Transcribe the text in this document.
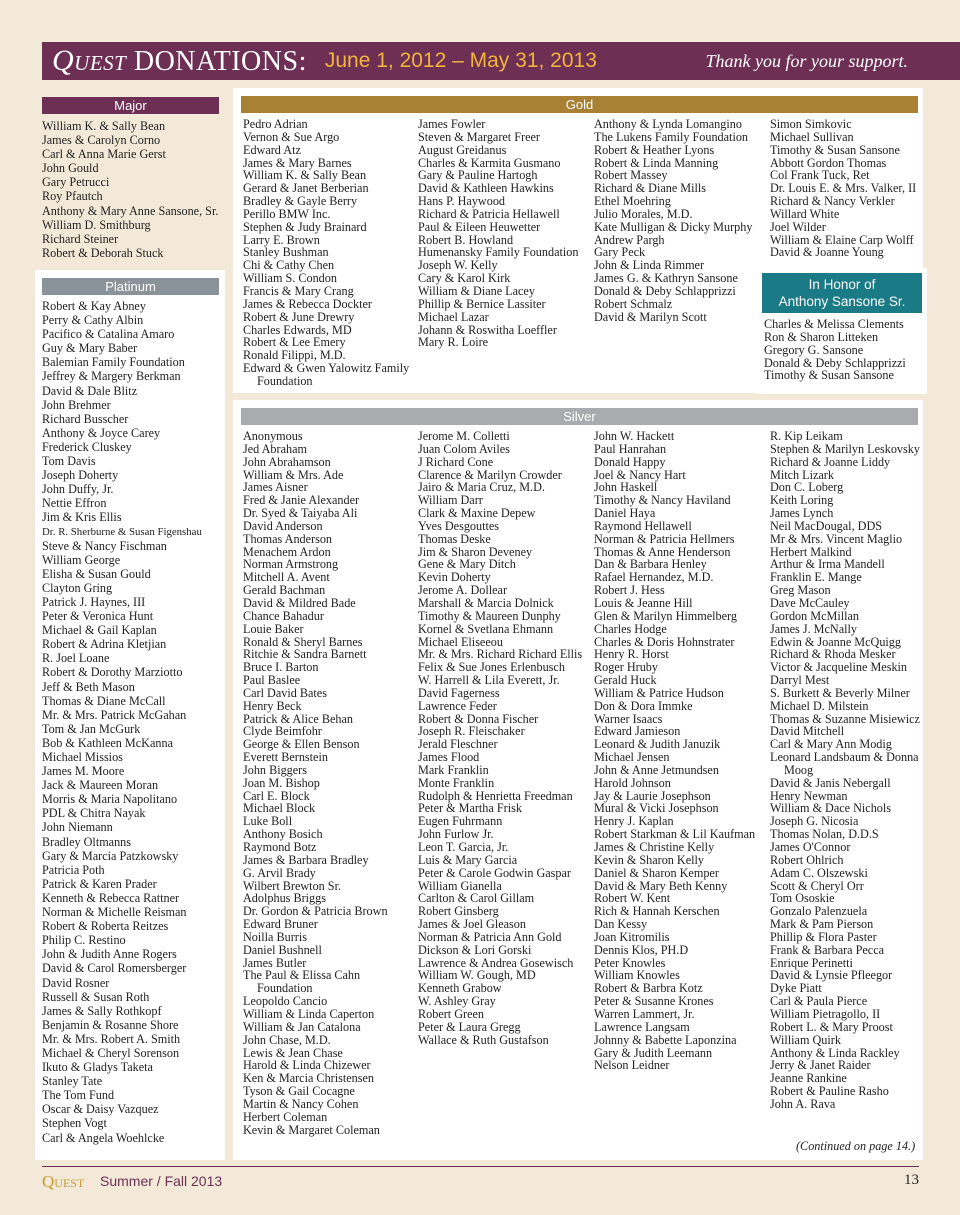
Quest DONATIONS: June 1, 2012 – May 31, 2013	Thank you for your support.
Major
William K. & Sally Bean
James & Carolyn Corno
Carl & Anna Marie Gerst
John Gould
Gary Petrucci
Roy Pfautch
Anthony & Mary Anne Sansone, Sr.
William D. Smithburg
Richard Steiner
Robert & Deborah Stuck
Platinum
Robert & Kay Abney
Perry & Cathy Albin
Pacifico & Catalina Amaro
Guy & Mary Baber
Balemian Family Foundation
Jeffrey & Margery Berkman
David & Dale Blitz
John Brehmer
Richard Busscher
Anthony & Joyce Carey
Frederick Cluskey
Tom Davis
Joseph Doherty
John Duffy, Jr.
Nettie Effron
Jim & Kris Ellis
Dr. R. Sherburne & Susan Figenshau
Steve & Nancy Fischman
William George
Elisha & Susan Gould
Clayton Gring
Patrick J. Haynes, III
Peter & Veronica Hunt
Michael & Gail Kaplan
Robert & Adrina Kletjian
R. Joel Loane
Robert & Dorothy Marziotto
Jeff & Beth Mason
Thomas & Diane McCall
Mr. & Mrs. Patrick McGahan
Tom & Jan McGurk
Bob & Kathleen McKanna
Michael Missios
James M. Moore
Jack & Maureen Moran
Morris & Maria Napolitano
PDL & Chitra Nayak
John Niemann
Bradley Oltmanns
Gary & Marcia Patzkowsky
Patricia Poth
Patrick & Karen Prader
Kenneth & Rebecca Rattner
Norman & Michelle Reisman
Robert & Roberta Reitzes
Philip C. Restino
John & Judith Anne Rogers
David & Carol Romersberger
David Rosner
Russell & Susan Roth
James & Sally Rothkopf
Benjamin & Rosanne Shore
Mr. & Mrs. Robert A. Smith
Michael & Cheryl Sorenson
Ikuto & Gladys Taketa
Stanley Tate
The Tom Fund
Oscar & Daisy Vazquez
Stephen Vogt
Carl & Angela Woehlcke
Gold
Pedro Adrian
Vernon & Sue Argo
Edward Atz
James & Mary Barnes
William K. & Sally Bean
Gerard & Janet Berberian
Bradley & Gayle Berry
Perillo BMW Inc.
Stephen & Judy Brainard
Larry E. Brown
Stanley Bushman
Chi & Cathy Chen
William S. Condon
Francis & Mary Crang
James & Rebecca Dockter
Robert & June Drewry
Charles Edwards, MD
Robert & Lee Emery
Ronald Filippi, M.D.
Edward & Gwen Yalowitz Family Foundation
James Fowler
Steven & Margaret Freer
August Greidanus
Charles & Karmita Gusmano
Gary & Pauline Hartogh
David & Kathleen Hawkins
Hans P. Haywood
Richard & Patricia Hellawell
Paul & Eileen Heuwetter
Robert B. Howland
Humenansky Family Foundation
Joseph W. Kelly
Cary & Karol Kirk
William & Diane Lacey
Phillip & Bernice Lassiter
Michael Lazar
Johann & Roswitha Loeffler
Mary R. Loire
Anthony & Lynda Lomangino
The Lukens Family Foundation
Robert & Heather Lyons
Robert & Linda Manning
Robert Massey
Richard & Diane Mills
Ethel Moehring
Julio Morales, M.D.
Kate Mulligan & Dicky Murphy
Andrew Pargh
Gary Peck
John & Linda Rimmer
James G. & Kathryn Sansone
Donald & Deby Schlapprizzi
Robert Schmalz
David & Marilyn Scott
Simon Simkovic
Michael Sullivan
Timothy & Susan Sansone
Abbott Gordon Thomas
Col Frank Tuck, Ret
Dr. Louis E. & Mrs. Valker, II
Richard & Nancy Verkler
Willard White
Joel Wilder
William & Elaine Carp Wolff
David & Joanne Young
In Honor of
Anthony Sansone Sr.
Charles & Melissa Clements
Ron & Sharon Litteken
Gregory G. Sansone
Donald & Deby Schlapprizzi
Timothy & Susan Sansone
Silver
Anonymous
Jed Abraham
John Abrahamson
William & Mrs. Ade
James Aisner
Fred & Janie Alexander
Dr. Syed & Taiyaba Ali
David Anderson
Thomas Anderson
Menachem Ardon
Norman Armstrong
Mitchell A. Avent
Gerald Bachman
David & Mildred Bade
Chance Bahadur
Louie Baker
Ronald & Sheryl Barnes
Ritchie & Sandra Barnett
Bruce I. Barton
Paul Baslee
Carl David Bates
Henry Beck
Patrick & Alice Behan
Clyde Beimfohr
George & Ellen Benson
Everett Bernstein
John Biggers
Joan M. Bishop
Carl E. Block
Michael Block
Luke Boll
Anthony Bosich
Raymond Botz
James & Barbara Bradley
G. Arvil Brady
Wilbert Brewton Sr.
Adolphus Briggs
Dr. Gordon & Patricia Brown
Edward Bruner
Noilla Burris
Daniel Bushnell
James Butler
The Paul & Elissa Cahn Foundation
Leopoldo Cancio
William & Linda Caperton
William & Jan Catalona
John Chase, M.D.
Lewis & Jean Chase
Harold & Linda Chizewer
Ken & Marcia Christensen
Tyson & Gail Cocagne
Martin & Nancy Cohen
Herbert Coleman
Kevin & Margaret Coleman
Jerome M. Colletti
Juan Colom Aviles
J Richard Cone
Clarence & Marilyn Crowder
Jairo & Maria Cruz, M.D.
William Darr
Clark & Maxine Depew
Yves Desgouttes
Thomas Deske
Jim & Sharon Deveney
Gene & Mary Ditch
Kevin Doherty
Jerome A. Dollear
Marshall & Marcia Dolnick
Timothy & Maureen Dunphy
Kornel & Svetlana Ehmann
Michael Eliseeou
Mr. & Mrs. Richard Richard Ellis
Felix & Sue Jones Erlenbusch
W. Harrell & Lila Everett, Jr.
David Fagerness
Lawrence Feder
Robert & Donna Fischer
Joseph R. Fleischaker
Jerald Fleschner
James Flood
Mark Franklin
Monte Franklin
Rudolph & Henrietta Freedman
Peter & Martha Frisk
Eugen Fuhrmann
John Furlow Jr.
Leon T. Garcia, Jr.
Luis & Mary Garcia
Peter & Carole Godwin Gaspar
William Gianella
Carlton & Carol Gillam
Robert Ginsberg
James & Joel Gleason
Norman & Patricia Ann Gold
Dickson & Lori Gorski
Lawrence & Andrea Gosewisch
William W. Gough, MD
Kenneth Grabow
W. Ashley Gray
Robert Green
Peter & Laura Gregg
Wallace & Ruth Gustafson
John W. Hackett
Paul Hanrahan
Donald Happy
Joel & Nancy Hart
John Haskell
Timothy & Nancy Haviland
Daniel Haya
Raymond Hellawell
Norman & Patricia Hellmers
Thomas & Anne Henderson
Dan & Barbara Henley
Rafael Hernandez, M.D.
Robert J. Hess
Louis & Jeanne Hill
Glen & Marilyn Himmelberg
Charles Hodge
Charles & Doris Hohnstrater
Henry R. Horst
Roger Hruby
Gerald Huck
William & Patrice Hudson
Don & Dora Immke
Warner Isaacs
Edward Jamieson
Leonard & Judith Januzik
Michael Jensen
John & Anne Jetmundsen
Harold Johnson
Jay & Laurie Josephson
Mural & Vicki Josephson
Henry J. Kaplan
Robert Starkman & Lil Kaufman
James & Christine Kelly
Kevin & Sharon Kelly
Daniel & Sharon Kemper
David & Mary Beth Kenny
Robert W. Kent
Rich & Hannah Kerschen
Dan Kessy
Joan Kitromilis
Dennis Klos, PH.D
Peter Knowles
William Knowles
Robert & Barbra Kotz
Peter & Susanne Krones
Warren Lammert, Jr.
Lawrence Langsam
Johnny & Babette Laponzina
Gary & Judith Leemann
Nelson Leidner
R. Kip Leikam
Stephen & Marilyn Leskovsky
Richard & Joanne Liddy
Mitch Lizark
Don C. Loberg
Keith Loring
James Lynch
Neil MacDougal, DDS
Mr & Mrs. Vincent Maglio
Herbert Malkind
Arthur & Irma Mandell
Franklin E. Mange
Greg Mason
Dave McCauley
Gordon McMillan
James J. McNally
Edwin & Joanne McQuigg
Richard & Rhoda Mesker
Victor & Jacqueline Meskin
Darryl Mest
S. Burkett & Beverly Milner
Michael D. Milstein
Thomas & Suzanne Misiewicz
David Mitchell
Carl & Mary Ann Modig
Leonard Landsbaum & Donna Moog
David & Janis Nebergall
Henry Newman
William & Dace Nichols
Joseph G. Nicosia
Thomas Nolan, D.D.S
James O'Connor
Robert Ohlrich
Adam C. Olszewski
Scott & Cheryl Orr
Tom Ososkie
Gonzalo Palenzuela
Mark & Pam Pierson
Phillip & Flora Paster
Frank & Barbara Pecca
Enrique Perinetti
David & Lynsie Pfleegor
Dyke Piatt
Carl & Paula Pierce
William Pietragollo, II
Robert L. & Mary Proost
William Quirk
Anthony & Linda Rackley
Jerry & Janet Raider
Jeanne Rankine
Robert & Pauline Rasho
John A. Rava
(Continued on page 14.)
Quest Summer / Fall 2013	13
